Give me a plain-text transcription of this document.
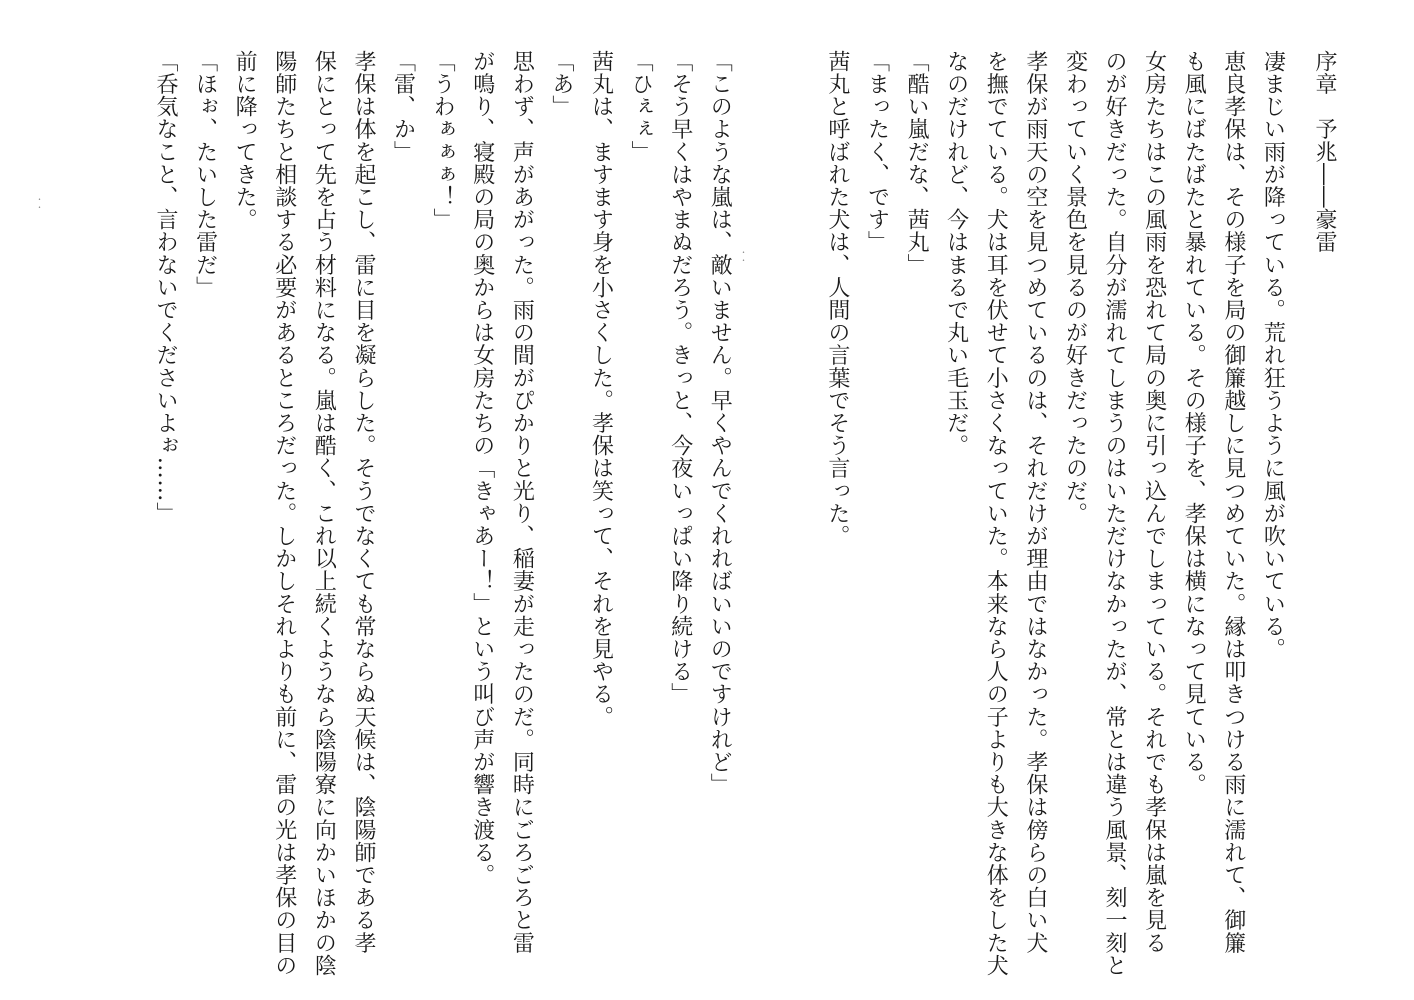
序章　予兆――豪雷
凄まじい雨が降っている。荒れ狂うように風が吹いている。
恵良孝保は、その様子を局の御簾越しに見つめていた。縁は叩きつける雨に濡れて、御簾
も風にばたばたと暴れている。その様子を、孝保は横になって見ている。
女房たちはこの風雨を恐れて局の奥に引っ込んでしまっている。それでも孝保は嵐を見る
のが好きだった。自分が濡れてしまうのはいただけなかったが、常とは違う風景、刻一刻と
変わっていく景色を見るのが好きだったのだ。
孝保が雨天の空を見つめているのは、それだけが理由ではなかった。孝保は傍らの白い犬
を撫でている。犬は耳を伏せて小さくなっていた。本来なら人の子よりも大きな体をした犬
なのだけれど、今はまるで丸い毛玉だ。
「酷い嵐だな、茜丸」
「まったく、です」
茜丸と呼ばれた犬は、人間の言葉でそう言った。
「このような嵐は、敵いません。早くやんでくれればいいのですけれど」
「そう早くはやまぬだろう。きっと、今夜いっぱい降り続ける」
「ひぇぇ」
茜丸は、ますます身を小さくした。孝保は笑って、それを見やる。
「あ」
思わず、声があがった。雨の間がぴかりと光り、稲妻が走ったのだ。同時にごろごろと雷
が鳴り、寝殿の局の奥からは女房たちの「きゃあー！」という叫び声が響き渡る。
「うわぁぁぁ！」
「雷、か」
孝保は体を起こし、雷に目を凝らした。そうでなくても常ならぬ天候は、陰陽師である孝
保にとって先を占う材料になる。嵐は酷く、これ以上続くようなら陰陽寮に向かいほかの陰
陽師たちと相談する必要があるところだった。しかしそれよりも前に、雷の光は孝保の目の
前に降ってきた。
「ほぉ、たいした雷だ」
「呑気なこと、言わないでくださいよぉ……」	・・
・・
